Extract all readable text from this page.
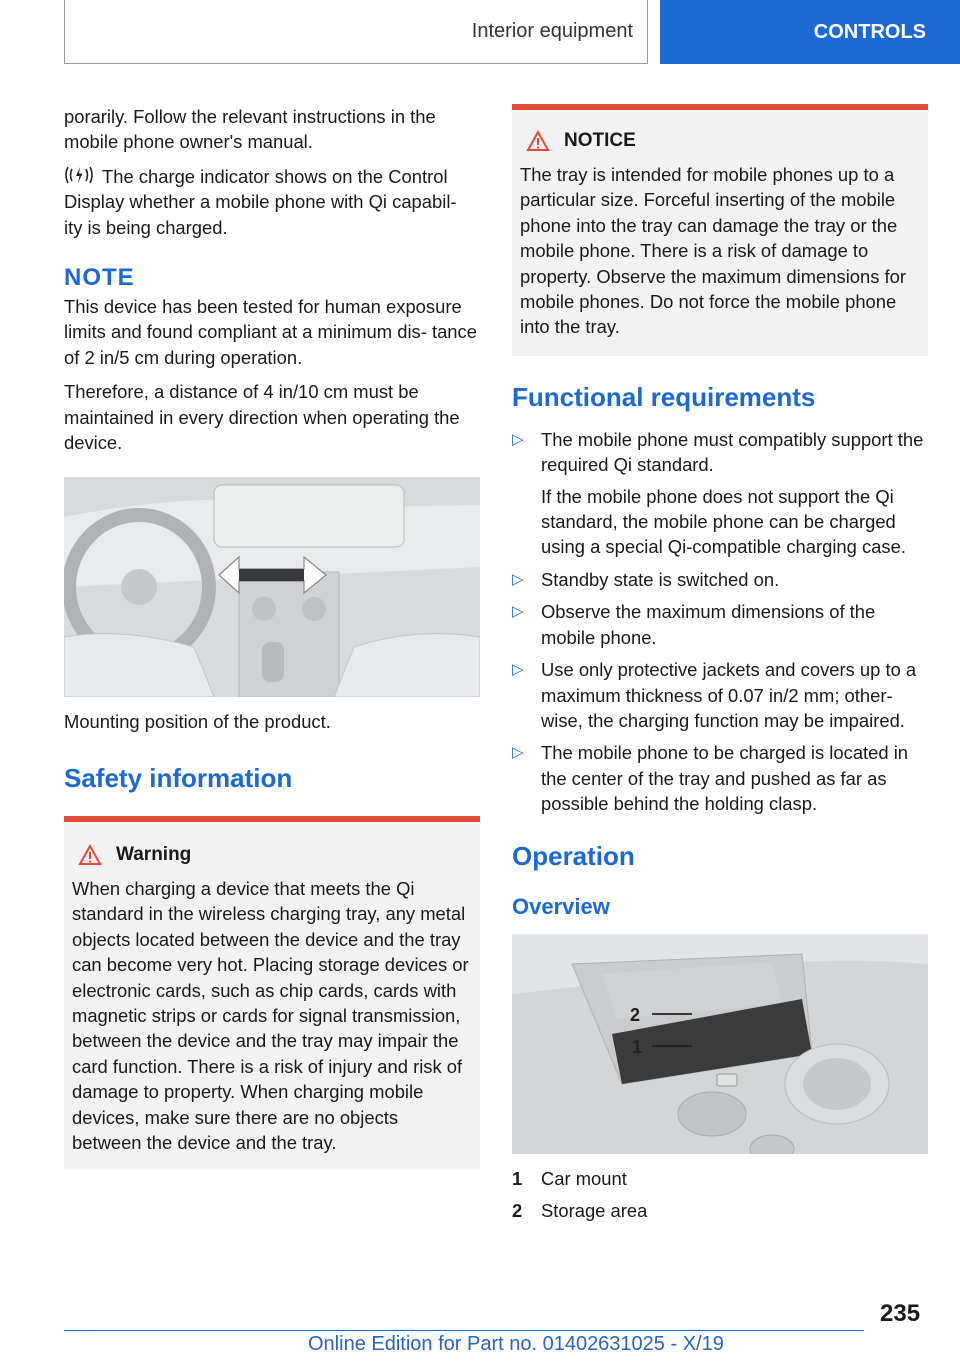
Interior equipment	CONTROLS

porarily. Follow the relevant instructions in the mobile phone owner's manual.

The charge indicator shows on the Control Display whether a mobile phone with Qi capabil‐ ity is being charged.

NOTE

This device has been tested for human exposure limits and found compliant at a minimum dis‐ tance of 2 in/5 cm during operation.

Therefore, a distance of 4 in/10 cm must be maintained in every direction when operating the device.

Mounting position of the product.

Safety information
Warning

When charging a device that meets the Qi standard in the wireless charging tray, any metal objects located between the device and the tray can become very hot. Placing storage devices or electronic cards, such as chip cards, cards with magnetic strips or cards for signal transmission, between the device and the tray may impair the card function. There is a risk of injury and risk of damage to property. When charging mobile devices, make sure there are no objects between the device and the tray.

NOTICE

The tray is intended for mobile phones up to a particular size. Forceful inserting of the mobile phone into the tray can damage the tray or the mobile phone. There is a risk of damage to property. Observe the maximum dimensions for mobile phones. Do not force the mobile phone into the tray.

Functional requirements
▷ The mobile phone must compatibly support the required Qi standard.

If the mobile phone does not support the Qi standard, the mobile phone can be charged using a special Qi-compatible charging case.

▷ Standby state is switched on.
▷ Observe the maximum dimensions of the mobile phone.
▷ Use only protective jackets and covers up to a maximum thickness of 0.07 in/2 mm; other‐ wise, the charging function may be impaired.
▷ The mobile phone to be charged is located in the center of the tray and pushed as far as possible behind the holding clasp.
Operation
Overview
2
1
1	Car mount
2	Storage area
235
Online Edition for Part no. 01402631025 - X/19
